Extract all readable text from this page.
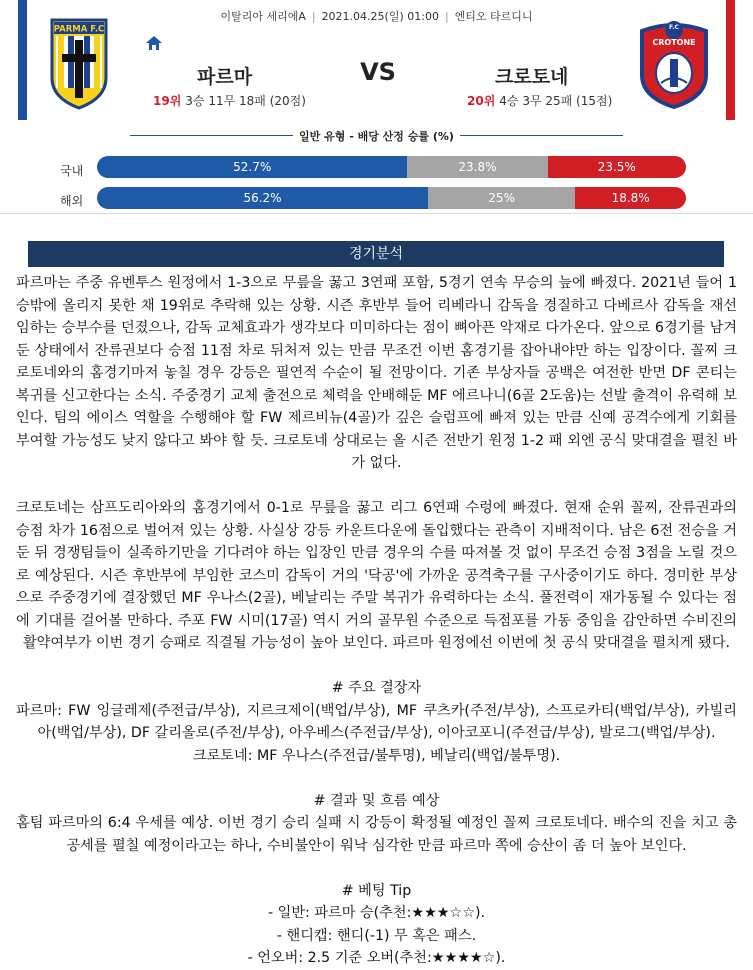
이탈리아 세리에A | 2021.04.25(일) 01:00 | 엔티오 타르디니
PARMA F.C	F.C
CROTONE
파르마	VS	크로토네
19위 3승 11무 18패 (20점)	20위 4승 3무 25패 (15점)
일반 유형 - 배당 산정 승률 (%)
국내	52.7%	23.8%	23.5%
해외	56.2%	25%	18.8%
경기분석

파르마는 주중 유벤투스 원정에서 1-3으로 무릎을 꿇고 3연패 포함, 5경기 연속 무승의 늪에 빠졌다. 2021년 들어 1승밖에 올리지 못한 채 19위로 추락해 있는 상황. 시즌 후반부 들어 리베라니 감독을 경질하고 다베르사 감독을 재선임하는 승부수를 던졌으나, 감독 교체효과가 생각보다 미미하다는 점이 뼈아픈 악재로 다가온다. 앞으로 6경기를 남겨둔 상태에서 잔류권보다 승점 11점 차로 뒤처져 있는 만큼 무조건 이번 홈경기를 잡아내야만 하는 입장이다. 꼴찌 크로토네와의 홈경기마저 놓칠 경우 강등은 필연적 수순이 될 전망이다. 기존 부상자들 공백은 여전한 반면 DF 콘티는 복귀를 신고한다는 소식. 주중경기 교체 출전으로 체력을 안배해둔 MF 에르나니(6골 2도움)는 선발 출격이 유력해 보인다. 팀의 에이스 역할을 수행해야 할 FW 제르비뉴(4골)가 깊은 슬럼프에 빠져 있는 만큼 신예 공격수에게 기회를 부여할 가능성도 낮지 않다고 봐야 할 듯. 크로토네 상대로는 올 시즌 전반기 원정 1-2 패 외엔 공식 맞대결을 펼친 바가 없다.

크로토네는 삼프도리아와의 홈경기에서 0-1로 무릎을 꿇고 리그 6연패 수렁에 빠졌다. 현재 순위 꼴찌, 잔류권과의 승점 차가 16점으로 벌어져 있는 상황. 사실상 강등 카운트다운에 돌입했다는 관측이 지배적이다. 남은 6전 전승을 거둔 뒤 경쟁팀들이 실족하기만을 기다려야 하는 입장인 만큼 경우의 수를 따져볼 것 없이 무조건 승점 3점을 노릴 것으로 예상된다. 시즌 후반부에 부임한 코스미 감독이 거의 '닥공'에 가까운 공격축구를 구사중이기도 하다. 경미한 부상으로 주중경기에 결장했던 MF 우나스(2골), 베날리는 주말 복귀가 유력하다는 소식. 풀전력이 재가동될 수 있다는 점에 기대를 걸어볼 만하다. 주포 FW 시미(17골) 역시 거의 골무원 수준으로 득점포를 가동 중임을 감안하면 수비진의 활약여부가 이번 경기 승패로 직결될 가능성이 높아 보인다. 파르마 원정에선 이번에 첫 공식 맞대결을 펼치게 됐다.

# 주요 결장자

파르마: FW 잉글레제(주전급/부상), 지르크제이(백업/부상), MF 쿠츠카(주전/부상), 스프로카티(백업/부상), 카빌리아(백업/부상), DF 갈리올로(주전/부상), 아우베스(주전급/부상), 이아코포니(주전급/부상), 발로그(백업/부상).

크로토네: MF 우나스(주전급/불투명), 베날리(백업/불투명).

# 결과 및 흐름 예상

홈팀 파르마의 6:4 우세를 예상. 이번 경기 승리 실패 시 강등이 확정될 예정인 꼴찌 크로토네다. 배수의 진을 치고 총공세를 펼칠 예정이라고는 하나, 수비불안이 워낙 심각한 만큼 파르마 쪽에 승산이 좀 더 높아 보인다.

# 베팅 Tip

- 일반: 파르마 승(추천:★★★☆☆).

- 핸디캡: 핸디(-1) 무 혹은 패스.

- 언오버: 2.5 기준 오버(추천:★★★★☆).
